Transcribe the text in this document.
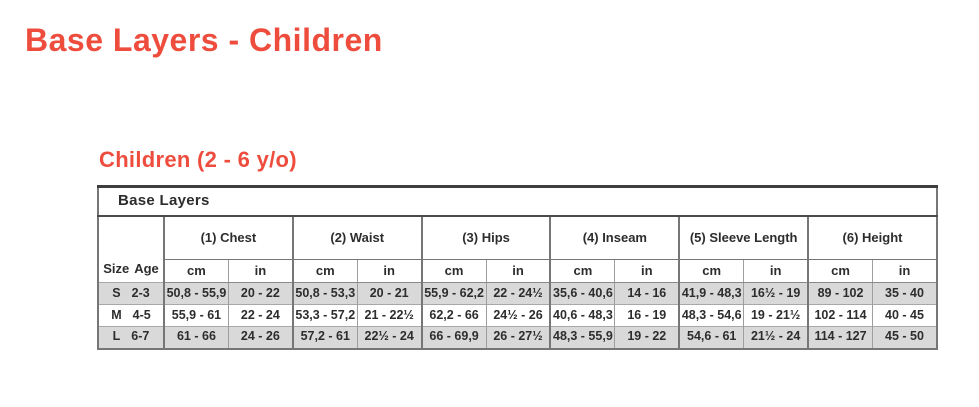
Base Layers - Children
Children (2 - 6 y/o)
Base Layers												

Size Age	(1) Chest		(2) Waist		(3) Hips		(4) Inseam		(5) Sleeve Length		(6) Height	
	cm	in	cm	in	cm	in	cm	in	cm	in	cm	in

S 2-3	50,8 - 55,9	20 - 22	50,8 - 53,3	20 - 21	55,9 - 62,2	22 - 24½	35,6 - 40,6	14 - 16	41,9 - 48,3	16½ - 19	89 - 102	35 - 40

M 4-5	55,9 - 61	22 - 24	53,3 - 57,2	21 - 22½	62,2 - 66	24½ - 26	40,6 - 48,3	16 - 19	48,3 - 54,6	19 - 21½	102 - 114	40 - 45

L 6-7	61 - 66	24 - 26	57,2 - 61	22½ - 24	66 - 69,9	26 - 27½	48,3 - 55,9	19 - 22	54,6 - 61	21½ - 24	114 - 127	45 - 50
